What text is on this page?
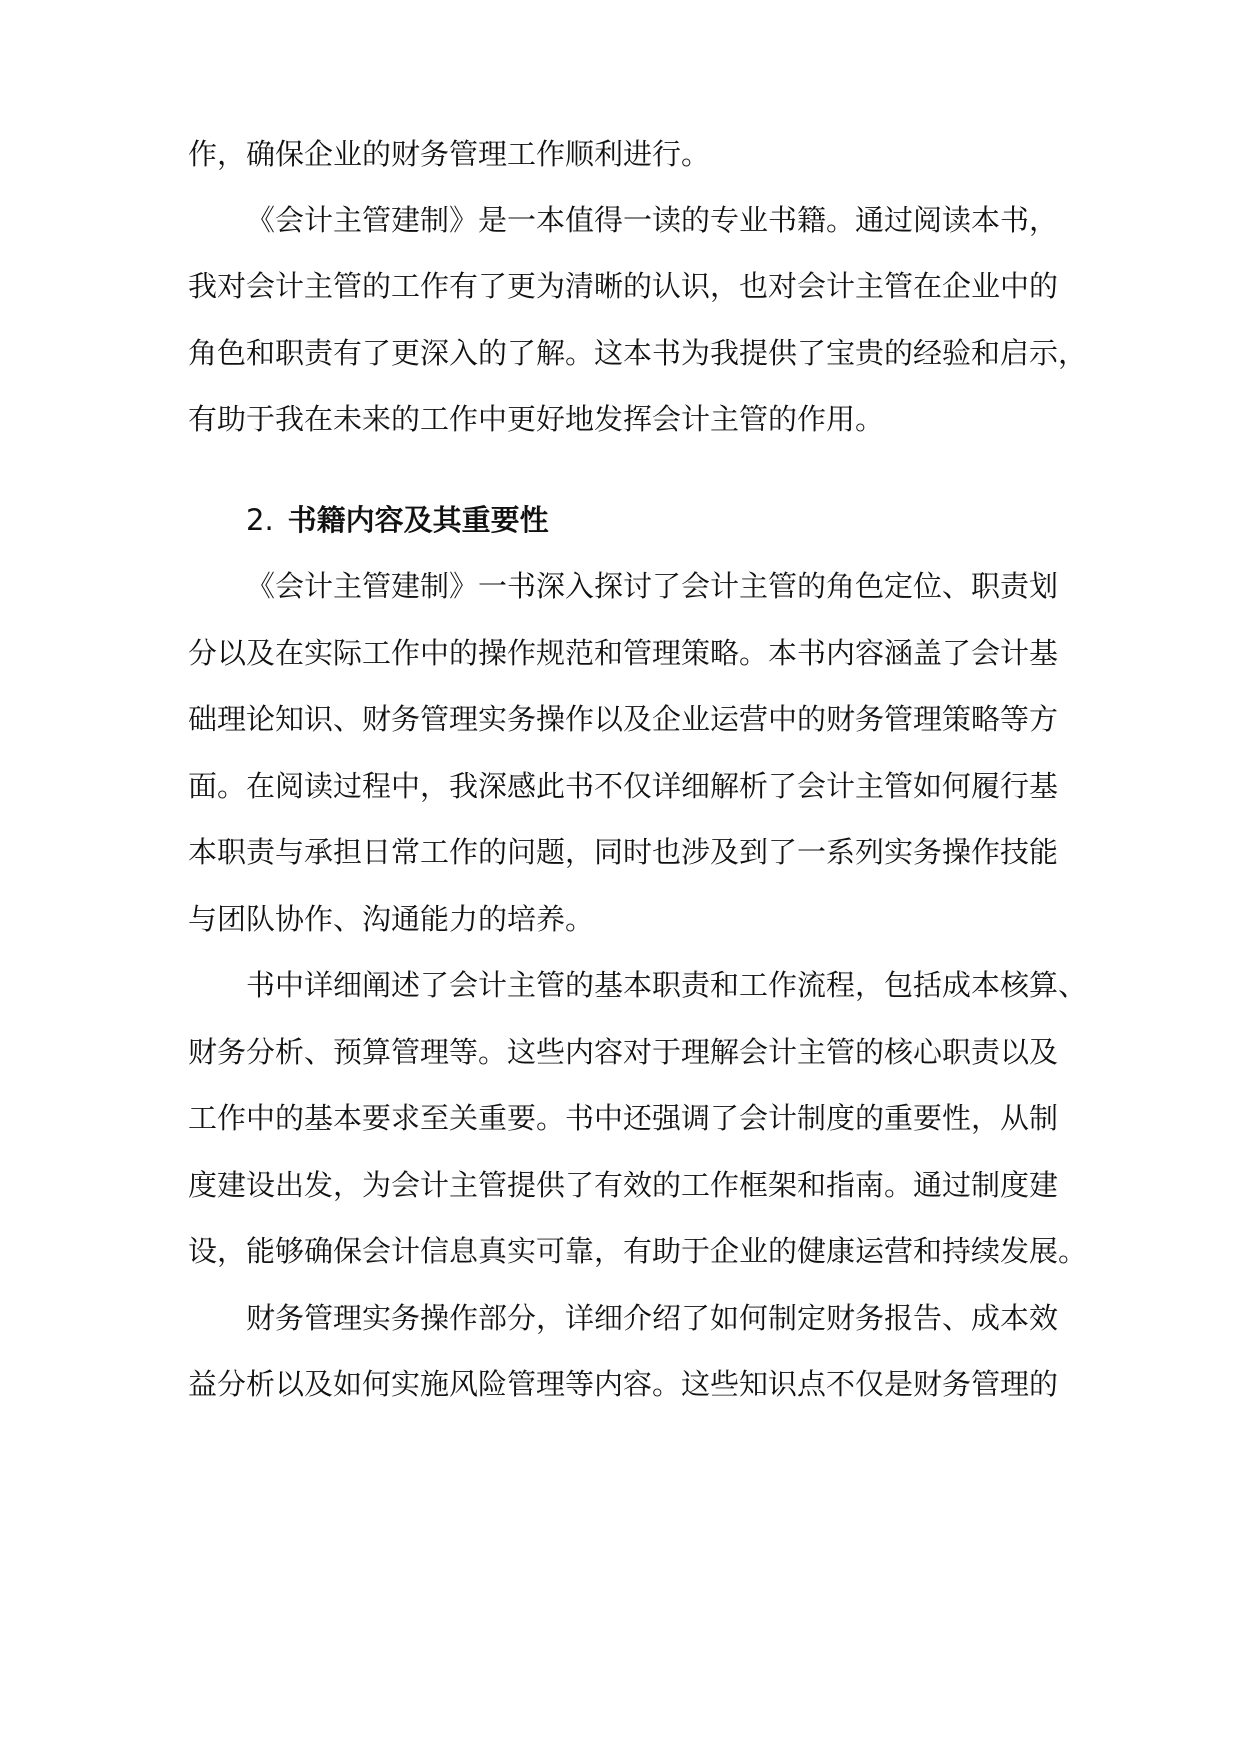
作，确保企业的财务管理工作顺利进行。
《会计主管建制》是一本值得一读的专业书籍。通过阅读本书，
我对会计主管的工作有了更为清晰的认识，也对会计主管在企业中的
角色和职责有了更深入的了解。这本书为我提供了宝贵的经验和启示，
有助于我在未来的工作中更好地发挥会计主管的作用。
2. 书籍内容及其重要性
《会计主管建制》一书深入探讨了会计主管的角色定位、职责划
分以及在实际工作中的操作规范和管理策略。本书内容涵盖了会计基
础理论知识、财务管理实务操作以及企业运营中的财务管理策略等方
面。在阅读过程中，我深感此书不仅详细解析了会计主管如何履行基
本职责与承担日常工作的问题，同时也涉及到了一系列实务操作技能
与团队协作、沟通能力的培养。
书中详细阐述了会计主管的基本职责和工作流程，包括成本核算、
财务分析、预算管理等。这些内容对于理解会计主管的核心职责以及
工作中的基本要求至关重要。书中还强调了会计制度的重要性，从制
度建设出发，为会计主管提供了有效的工作框架和指南。通过制度建
设，能够确保会计信息真实可靠，有助于企业的健康运营和持续发展。
财务管理实务操作部分，详细介绍了如何制定财务报告、成本效
益分析以及如何实施风险管理等内容。这些知识点不仅是财务管理的
